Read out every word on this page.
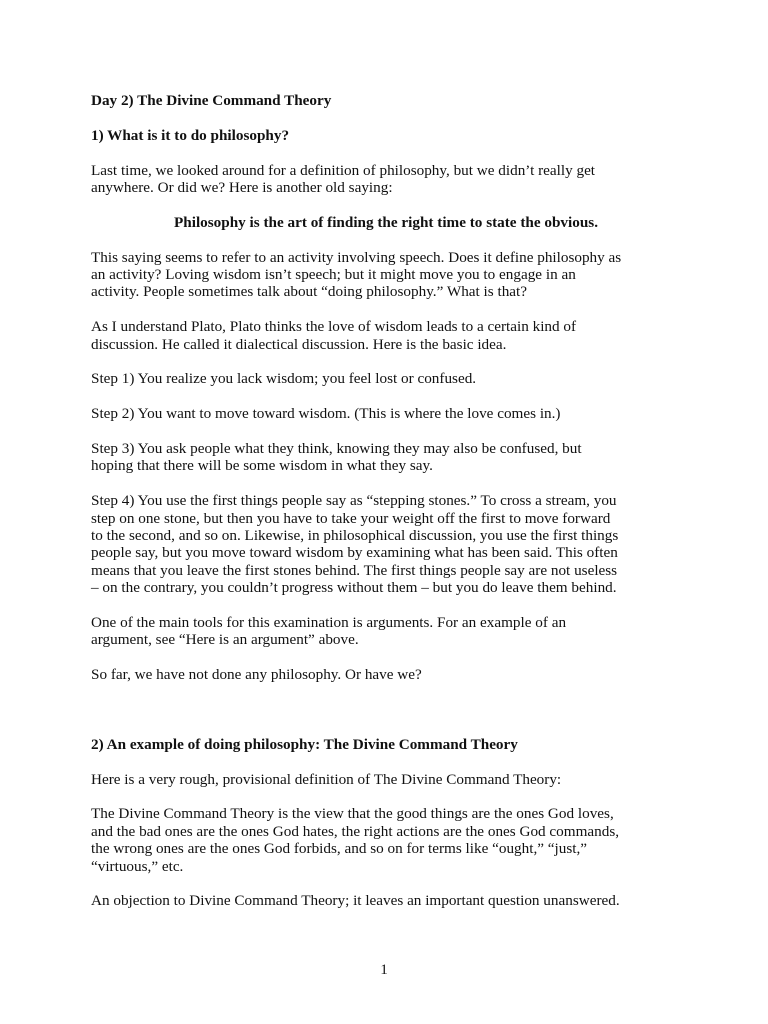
Day 2) The Divine Command Theory

1) What is it to do philosophy?

Last time, we looked around for a definition of philosophy, but we didn’t really get
anywhere. Or did we? Here is another old saying:

Philosophy is the art of finding the right time to state the obvious.

This saying seems to refer to an activity involving speech. Does it define philosophy as
an activity? Loving wisdom isn’t speech; but it might move you to engage in an
activity. People sometimes talk about “doing philosophy.” What is that?

As I understand Plato, Plato thinks the love of wisdom leads to a certain kind of
discussion. He called it dialectical discussion. Here is the basic idea.

Step 1) You realize you lack wisdom; you feel lost or confused.

Step 2) You want to move toward wisdom. (This is where the love comes in.)

Step 3) You ask people what they think, knowing they may also be confused, but
hoping that there will be some wisdom in what they say.

Step 4) You use the first things people say as “stepping stones.” To cross a stream, you
step on one stone, but then you have to take your weight off the first to move forward
to the second, and so on. Likewise, in philosophical discussion, you use the first things
people say, but you move toward wisdom by examining what has been said. This often
means that you leave the first stones behind. The first things people say are not useless
– on the contrary, you couldn’t progress without them – but you do leave them behind.

One of the main tools for this examination is arguments. For an example of an
argument, see “Here is an argument” above.

So far, we have not done any philosophy. Or have we?

2) An example of doing philosophy: The Divine Command Theory

Here is a very rough, provisional definition of The Divine Command Theory:

The Divine Command Theory is the view that the good things are the ones God loves,
and the bad ones are the ones God hates, the right actions are the ones God commands,
the wrong ones are the ones God forbids, and so on for terms like “ought,” “just,”
“virtuous,” etc.

An objection to Divine Command Theory; it leaves an important question unanswered.

1
